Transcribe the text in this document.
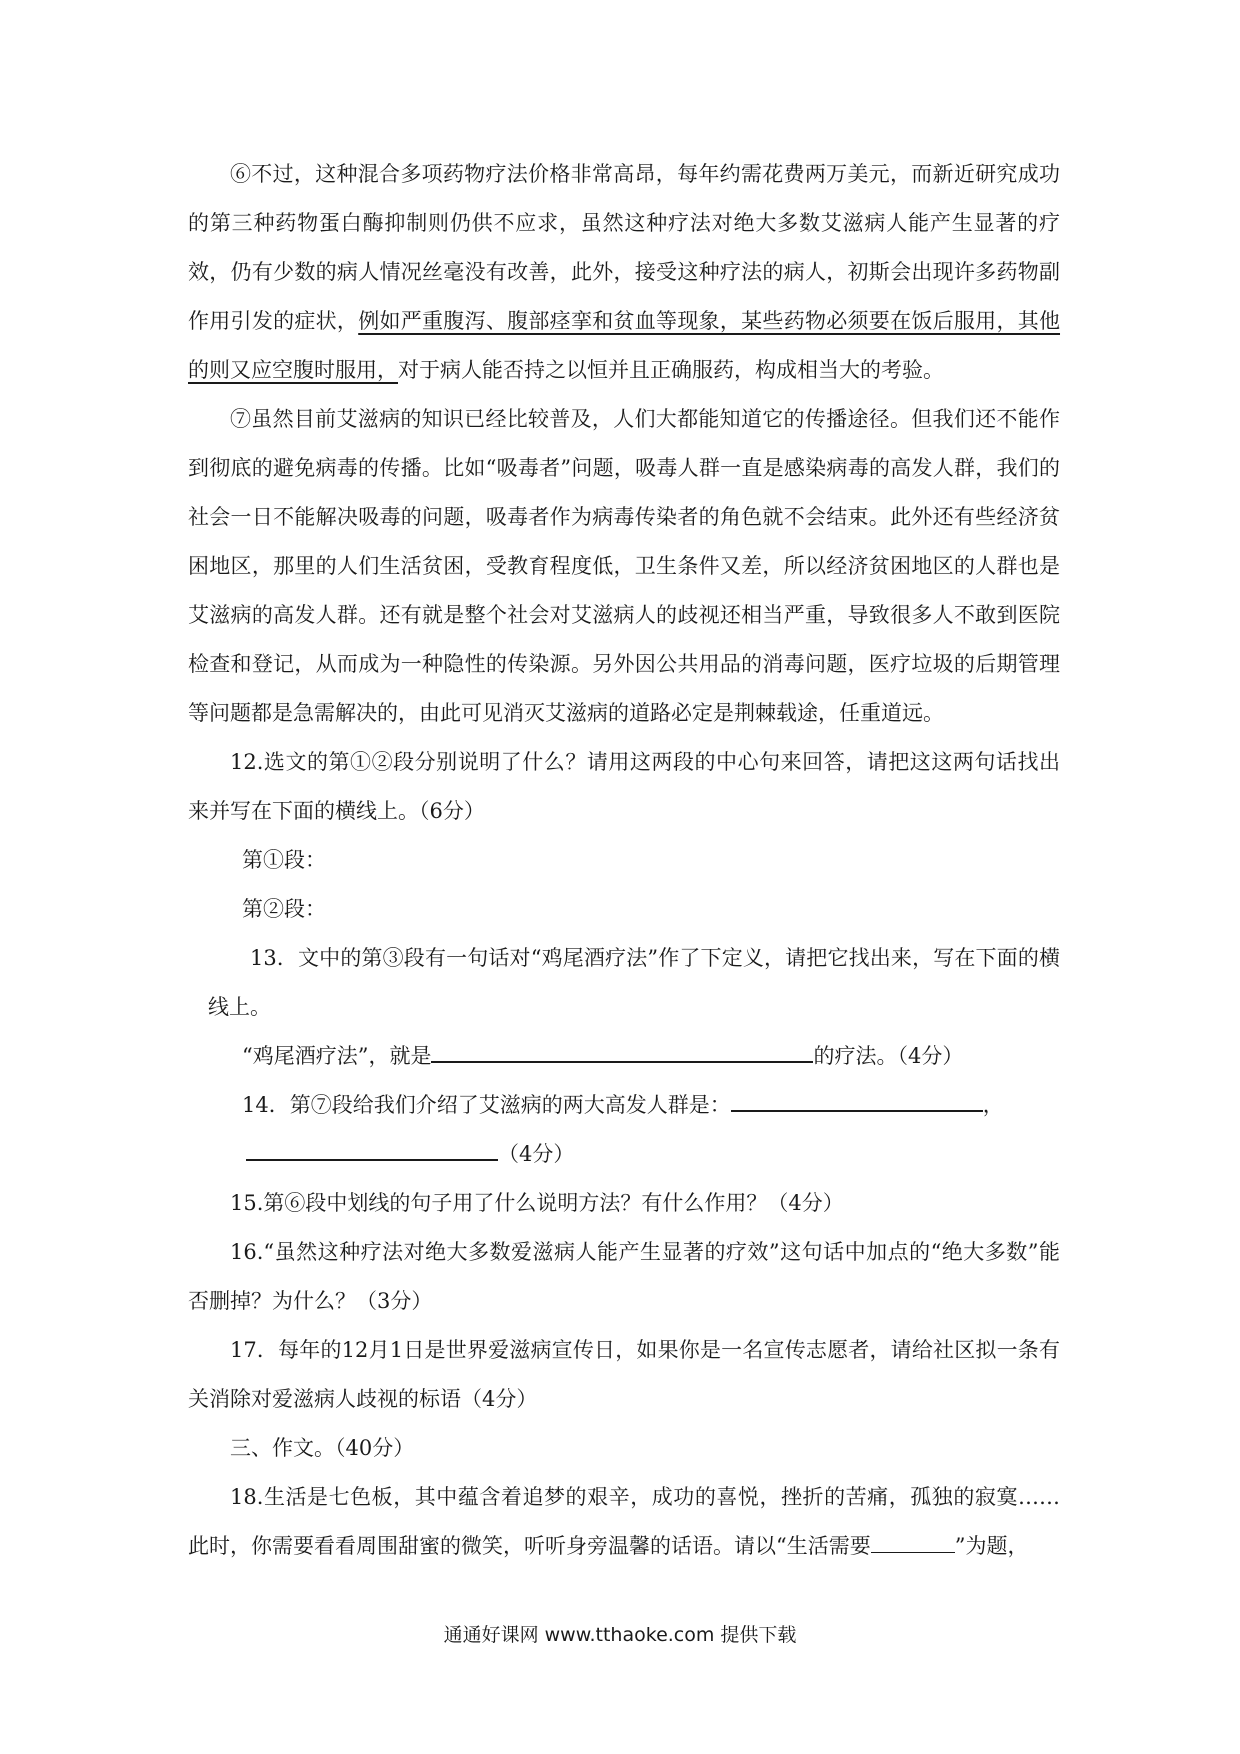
⑥不过，这种混合多项药物疗法价格非常高昂，每年约需花费两万美元，而新近研究成功的第三种药物蛋白酶抑制则仍供不应求，虽然这种疗法对绝大多数艾滋病人能产生显著的疗效，仍有少数的病人情况丝毫没有改善，此外，接受这种疗法的病人，初斯会出现许多药物副作用引发的症状，例如严重腹泻、腹部痉挛和贫血等现象，某些药物必须要在饭后服用，其他的则又应空腹时服用，对于病人能否持之以恒并且正确服药，构成相当大的考验。

⑦虽然目前艾滋病的知识已经比较普及，人们大都能知道它的传播途径。但我们还不能作到彻底的避免病毒的传播。比如“吸毒者”问题，吸毒人群一直是感染病毒的高发人群，我们的社会一日不能解决吸毒的问题，吸毒者作为病毒传染者的角色就不会结束。此外还有些经济贫困地区，那里的人们生活贫困，受教育程度低，卫生条件又差，所以经济贫困地区的人群也是艾滋病的高发人群。还有就是整个社会对艾滋病人的歧视还相当严重，导致很多人不敢到医院检查和登记，从而成为一种隐性的传染源。另外因公共用品的消毒问题，医疗垃圾的后期管理等问题都是急需解决的，由此可见消灭艾滋病的道路必定是荆棘载途，任重道远。

12.选文的第①②段分别说明了什么？请用这两段的中心句来回答，请把这这两句话找出来并写在下面的横线上。（6分）

第①段：

第②段：

13．文中的第③段有一句话对“鸡尾酒疗法”作了下定义，请把它找出来，写在下面的横线上。

“鸡尾酒疗法”，就是	的疗法。（4分）

14．第⑦段给我们介绍了艾滋病的两大高发人群是：	，

（4分）

15.第⑥段中划线的句子用了什么说明方法？有什么作用？（4分）

16.“虽然这种疗法对绝大多数爱滋病人能产生显著的疗效”这句话中加点的“绝大多数”能否删掉？为什么？（3分）

17．每年的12月1日是世界爱滋病宣传日，如果你是一名宣传志愿者，请给社区拟一条有关消除对爱滋病人歧视的标语（4分）

三、作文。（40分）

18.生活是七色板，其中蕴含着追梦的艰辛，成功的喜悦，挫折的苦痛，孤独的寂寞……此时，你需要看看周围甜蜜的微笑，听听身旁温馨的话语。请以“生活需要	”为题，

通通好课网 www.tthaoke.com 提供下载
